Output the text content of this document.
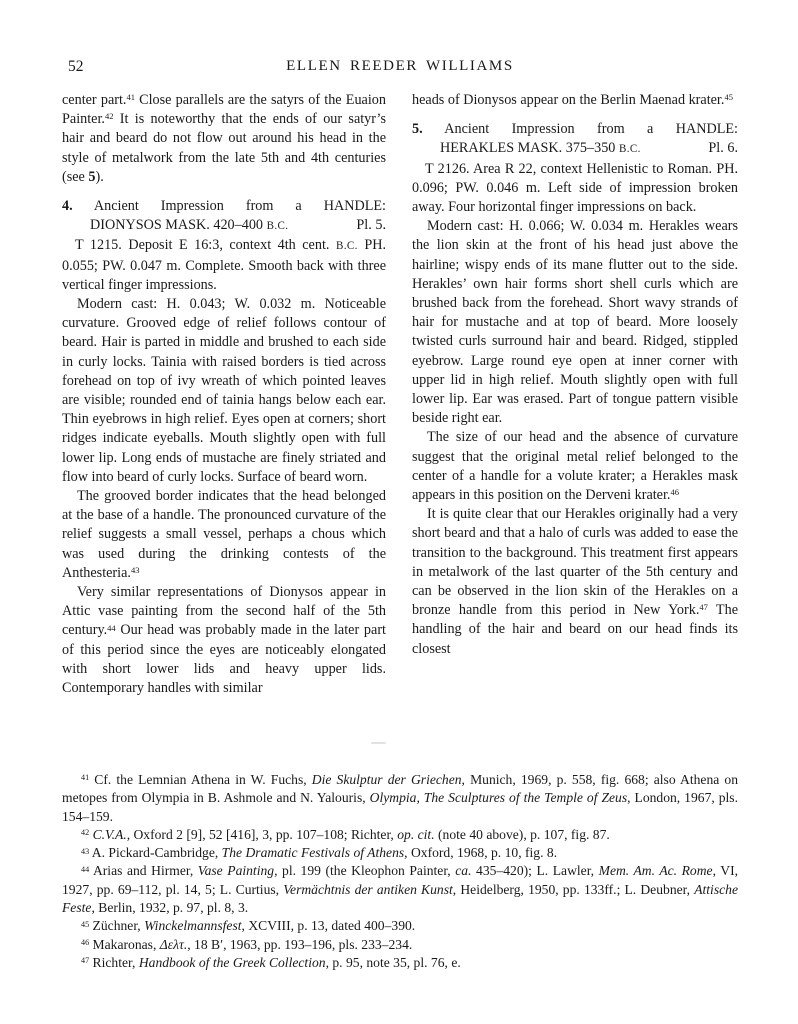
52	ELLEN REEDER WILLIAMS
center part.$^{41}$ Close parallels are the satyrs of the Euaion Painter.$^{42}$ It is noteworthy that the ends of our satyr’s hair and beard do not flow out around his head in the style of metalwork from the late 5th and 4th centuries (see 5).
4. Ancient Impression from a HANDLE:
DIONYSOS MASK. 420–400 B.C.	Pl. 5.
T 1215. Deposit E 16:3, context 4th cent. B.C. PH. 0.055; PW. 0.047 m. Complete. Smooth back with three vertical finger impressions.
Modern cast: H. 0.043; W. 0.032 m. Noticeable curvature. Grooved edge of relief follows contour of beard. Hair is parted in middle and brushed to each side in curly locks. Tainia with raised borders is tied across forehead on top of ivy wreath of which pointed leaves are visible; rounded end of tainia hangs below each ear. Thin eyebrows in high relief. Eyes open at corners; short ridges indicate eyeballs. Mouth slightly open with full lower lip. Long ends of mustache are finely striated and flow into beard of curly locks. Surface of beard worn.
The grooved border indicates that the head belonged at the base of a handle. The pronounced curvature of the relief suggests a small vessel, perhaps a chous which was used during the drinking contests of the Anthesteria.$^{43}$
Very similar representations of Dionysos appear in Attic vase painting from the second half of the 5th century.$^{44}$ Our head was probably made in the later part of this period since the eyes are noticeably elongated with short lower lids and heavy upper lids. Contemporary handles with similar
heads of Dionysos appear on the Berlin Maenad krater.$^{45}$
5. Ancient Impression from a HANDLE:
HERAKLES MASK. 375–350 B.C.	Pl. 6.
T 2126. Area R 22, context Hellenistic to Roman. PH. 0.096; PW. 0.046 m. Left side of impression broken away. Four horizontal finger impressions on back.
Modern cast: H. 0.066; W. 0.034 m. Herakles wears the lion skin at the front of his head just above the hairline; wispy ends of its mane flutter out to the side. Herakles’ own hair forms short shell curls which are brushed back from the forehead. Short wavy strands of hair for mustache and at top of beard. More loosely twisted curls surround hair and beard. Ridged, stippled eyebrow. Large round eye open at inner corner with upper lid in high relief. Mouth slightly open with full lower lip. Ear was erased. Part of tongue pattern visible beside right ear.
The size of our head and the absence of curvature suggest that the original metal relief belonged to the center of a handle for a volute krater; a Herakles mask appears in this position on the Derveni krater.$^{46}$
It is quite clear that our Herakles originally had a very short beard and that a halo of curls was added to ease the transition to the background. This treatment first appears in metalwork of the last quarter of the 5th century and can be observed in the lion skin of the Herakles on a bronze handle from this period in New York.$^{47}$ The handling of the hair and beard on our head finds its closest
$^{41}$ Cf. the Lemnian Athena in W. Fuchs, Die Skulptur der Griechen, Munich, 1969, p. 558, fig. 668; also Athena on metopes from Olympia in B. Ashmole and N. Yalouris, Olympia, The Sculptures of the Temple of Zeus, London, 1967, pls. 154–159.
$^{42}$ C.V.A., Oxford 2 [9], 52 [416], 3, pp. 107–108; Richter, op. cit. (note 40 above), p. 107, fig. 87.
$^{43}$ A. Pickard-Cambridge, The Dramatic Festivals of Athens, Oxford, 1968, p. 10, fig. 8.
$^{44}$ Arias and Hirmer, Vase Painting, pl. 199 (the Kleophon Painter, ca. 435–420); L. Lawler, Mem. Am. Ac. Rome, VI, 1927, pp. 69–112, pl. 14, 5; L. Curtius, Vermächtnis der antiken Kunst, Heidelberg, 1950, pp. 133ff.; L. Deubner, Attische Feste, Berlin, 1932, p. 97, pl. 8, 3.
$^{45}$ Züchner, Winckelmannsfest, XCVIII, p. 13, dated 400–390.
$^{46}$ Makaronas, Δελτ., 18 B′, 1963, pp. 193–196, pls. 233–234.
$^{47}$ Richter, Handbook of the Greek Collection, p. 95, note 35, pl. 76, e.
